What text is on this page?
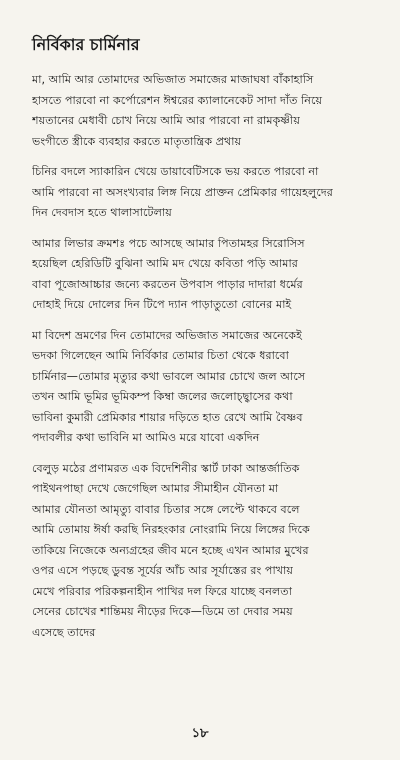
নির্বিকার চার্মিনার
মা, আমি আর তোমাদের অভিজাত সমাজের মাজাঘষা বাঁকাহাসি
হাসতে পারবো না কর্পোরেশন ঈশ্বরের ক্যালানেকেট সাদা দাঁত নিয়ে
শয়তানের মেধাবী চোখ নিয়ে আমি আর পারবো না রামকৃষ্ণীয়
ভংগীতে স্ত্রীকে ব্যবহার করতে মাতৃতান্ত্রিক প্রথায়
চিনির বদলে স্যাকারিন খেয়ে ডায়াবেটিসকে ভয় করতে পারবো না
আমি পারবো না অসংখ্যবার লিঙ্গ নিয়ে প্রাক্তন প্রেমিকার গায়েহলুদের
দিন দেবদাস হতে থালাসাটেলায়
আমার লিভার ক্রমশঃ পচে আসছে আমার পিতামহর সিরোসিস
হয়েছিল হেরিডিটি বুঝিনা আমি মদ খেয়ে কবিতা পড়ি আমার
বাবা পূজোআচ্চার জন্যে করতেন উপবাস পাড়ার দাদারা ধর্মের
দোহাই দিয়ে দোলের দিন টিপে দ্যান পাড়াতুতো বোনের মাই
মা বিদেশ ভ্রমণের দিন তোমাদের অভিজাত সমাজের অনেকেই
ভদকা গিলেছেন আমি নির্বিকার তোমার চিতা থেকে ধরাবো
চার্মিনার—তোমার মৃত্যুর কথা ভাবলে আমার চোখে জল আসে
তখন আমি ভূমির ভূমিকম্প কিম্বা জলের জলোচ্ছ্বাসের কথা
ভাবিনা কুমারী প্রেমিকার শায়ার দড়িতে হাত রেখে আমি বৈষ্ণব
পদাবলীর কথা ভাবিনি মা আমিও মরে যাবো একদিন
বেলুড় মঠের প্রণামরত এক বিদেশিনীর স্কার্ট ঢাকা আন্তর্জাতিক
পাইথনপাছা দেখে জেগেছিল আমার সীমাহীন যৌনতা মা
আমার যৌনতা আমৃত্যু বাবার চিতার সঙ্গে লেপ্টে থাকবে বলে
আমি তোমায় ঈর্ষা করছি নিরহংকার নোংরামি নিয়ে লিঙ্গের দিকে
তাকিয়ে নিজেকে অন্যগ্রহের জীব মনে হচ্ছে এখন আমার মুখের
ওপর এসে পড়ছে ডুবন্ত সূর্যের আঁচ আর সূর্যাস্তের রং পাখায়
মেখে পরিবার পরিকল্পনাহীন পাখির দল ফিরে যাচ্ছে বনলতা
সেনের চোখের শান্তিময় নীড়ের দিকে—ডিমে তা দেবার সময়
এসেছে তাদের
১৮
